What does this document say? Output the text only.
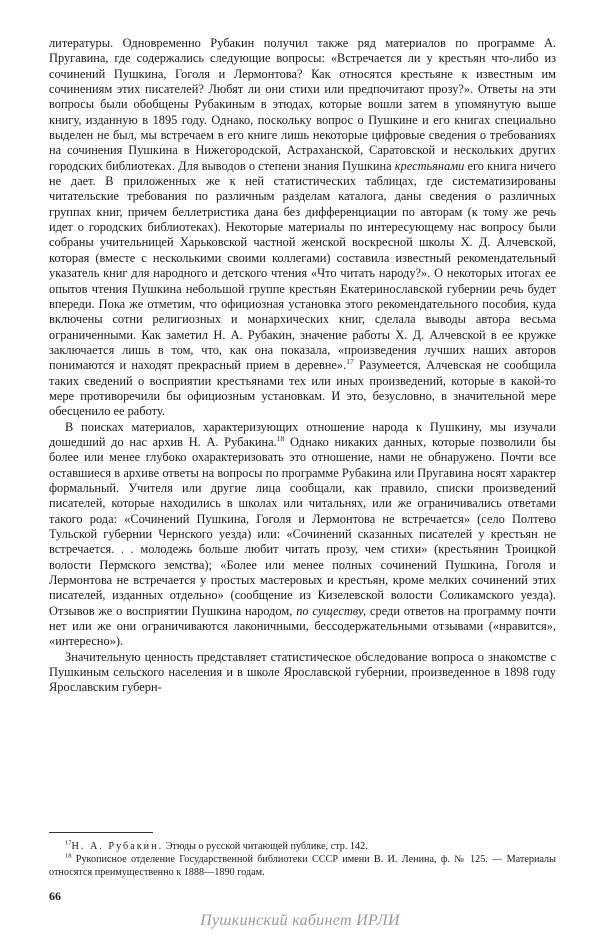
литературы. Одновременно Рубакин получил также ряд материалов по программе А. Пругавина, где содержались следующие вопросы: «Встречается ли у крестьян что-либо из сочинений Пушкина, Гоголя и Лермонтова? Как относятся крестьяне к известным им сочинениям этих писателей? Любят ли они стихи или предпочитают прозу?». Ответы на эти вопросы были обобщены Рубакиным в этюдах, которые вошли затем в упомянутую выше книгу, изданную в 1895 году. Однако, поскольку вопрос о Пушкине и его книгах специально выделен не был, мы встречаем в его книге лишь некоторые цифровые сведения о требованиях на сочинения Пушкина в Нижегородской, Астраханской, Саратовской и нескольких других городских библиотеках. Для выводов о степени знания Пушкина крестьянами его книга ничего не дает. В приложенных же к ней статистических таблицах, где систематизированы читательские требования по различным разделам каталога, даны сведения о различных группах книг, причем беллетристика дана без дифференциации по авторам (к тому же речь идет о городских библиотеках). Некоторые материалы по интересующему нас вопросу были собраны учительницей Харьковской частной женской воскресной школы Х. Д. Алчевской, которая (вместе с несколькими своими коллегами) составила известный рекомендательный указатель книг для народного и детского чтения «Что читать народу?». О некоторых итогах ее опытов чтения Пушкина небольшой группе крестьян Екатеринославской губернии речь будет впереди. Пока же отметим, что официозная установка этого рекомендательного пособия, куда включены сотни религиозных и монархических книг, сделала выводы автора весьма ограниченными. Как заметил Н. А. Рубакин, значение работы Х. Д. Алчевской в ее кружке заключается лишь в том, что, как она показала, «произведения лучших наших авторов понимаются и находят прекрасный прием в деревне».$^{17}$ Разумеется, Алчевская не сообщила таких сведений о восприятии крестьянами тех или иных произведений, которые в какой-то мере противоречили бы официозным установкам. И это, безусловно, в значительной мере обесценило ее работу.

В поисках материалов, характеризующих отношение народа к Пушкину, мы изучали дошедший до нас архив Н. А. Рубакина.$^{18}$ Однако никаких данных, которые позволили бы более или менее глубоко охарактеризовать это отношение, нами не обнаружено. Почти все оставшиеся в архиве ответы на вопросы по программе Рубакина или Пругавина носят характер формальный. Учителя или другие лица сообщали, как правило, списки произведений писателей, которые находились в школах или читальнях, или же ограничивались ответами такого рода: «Сочинений Пушкина, Гоголя и Лермонтова не встречается» (село Полтево Тульской губернии Чернского уезда) или: «Сочинений сказанных писателей у крестьян не встречается. . . молодежь больше любит читать прозу, чем стихи» (крестьянин Троицкой волости Пермского земства); «Более или менее полных сочинений Пушкина, Гоголя и Лермонтова не встречается у простых мастеровых и крестьян, кроме мелких сочинений этих писателей, изданных отдельно» (сообщение из Кизелевской волости Соликамского уезда). Отзывов же о восприятии Пушкина народом, по существу, среди ответов на программу почти нет или же они ограничиваются лаконичными, бессодержательными отзывами («нравится», «интересно»).

Значительную ценность представляет статистическое обследование вопроса о знакомстве с Пушкиным сельского населения и в школе Ярославской губернии, произведенное в 1898 году Ярославским губерн-

$^{17}$Н. А. Рубакин. Этюды о русской читающей публике, стр. 142.

$^{18}$ Рукописное отделение Государственной библиотеки СССР имени В. И. Ленина, ф. № 125. — Материалы относятся преимущественно к 1888—1890 годам.

66
Пушкинский кабинет ИРЛИ
